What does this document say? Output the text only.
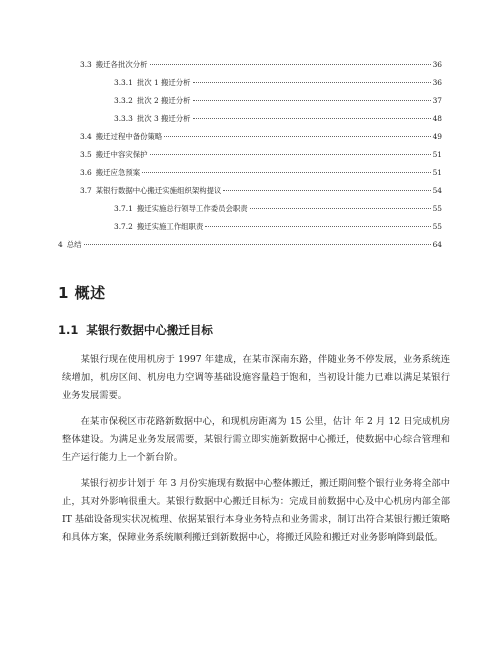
3.3 搬迁各批次分析	36
3.3.1 批次 1 搬迁分析	36
3.3.2 批次 2 搬迁分析	37
3.3.3 批次 3 搬迁分析	48
3.4 搬迁过程中备份策略	49
3.5 搬迁中容灾保护	51
3.6 搬迁应急预案	51
3.7 某银行数据中心搬迁实施组织架构提议	54
3.7.1 搬迁实施总行领导工作委员会职责	55
3.7.2 搬迁实施工作组职责	55
4 总结	64
1 概述
1.1 某银行数据中心搬迁目标

某银行现在使用机房于 1997 年建成，在某市深南东路，伴随业务不停发展，业务系统连续增加，机房区间、机房电力空调等基础设施容量趋于饱和，当初设计能力已难以满足某银行业务发展需要。

在某市保税区市花路新数据中心，和现机房距离为 15 公里，估计 年 2 月 12 日完成机房整体建设。为满足业务发展需要，某银行需立即实施新数据中心搬迁，使数据中心综合管理和生产运行能力上一个新台阶。

某银行初步计划于 年 3 月份实施现有数据中心整体搬迁，搬迁期间整个银行业务将全部中止，其对外影响很重大。某银行数据中心搬迁目标为：完成目前数据中心及中心机房内部全部 IT 基础设备现实状况梳理、依据某银行本身业务特点和业务需求，制订出符合某银行搬迁策略和具体方案，保障业务系统顺利搬迁到新数据中心，将搬迁风险和搬迁对业务影响降到最低。
